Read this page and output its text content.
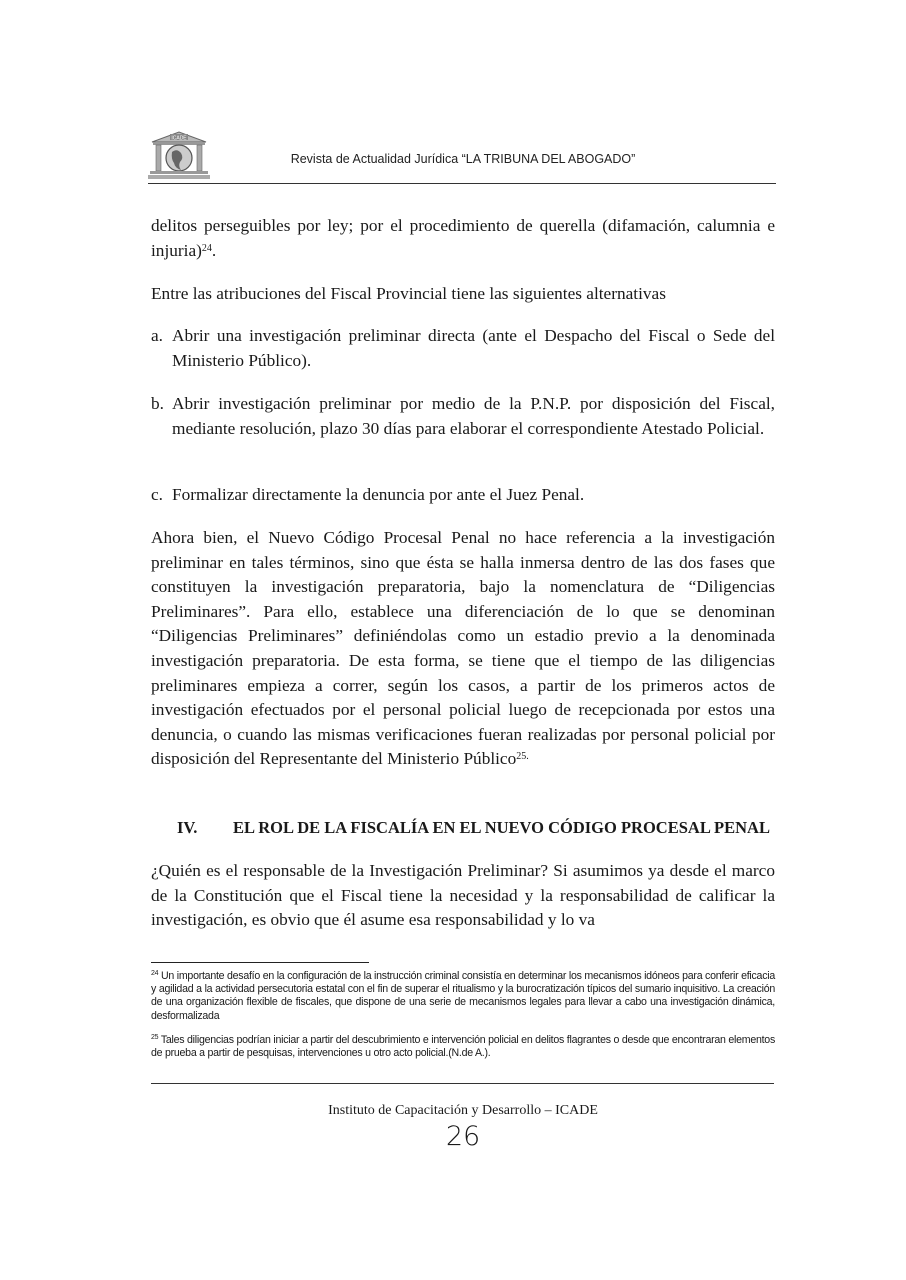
ICADE
Revista de Actualidad Jurídica “LA TRIBUNA DEL ABOGADO”
delitos perseguibles por ley; por el procedimiento de querella (difamación, calumnia e injuria)$^{24}$.
Entre las atribuciones del Fiscal Provincial tiene las siguientes alternativas
a. Abrir una investigación preliminar directa (ante el Despacho del Fiscal o Sede del Ministerio Público).
b. Abrir investigación preliminar por medio de la P.N.P. por disposición del Fiscal, mediante resolución, plazo 30 días para elaborar el correspondiente Atestado Policial.
c. Formalizar directamente la denuncia por ante el Juez Penal.
Ahora bien, el Nuevo Código Procesal Penal no hace referencia a la investigación preliminar en tales términos, sino que ésta se halla inmersa dentro de las dos fases que constituyen la investigación preparatoria, bajo la nomenclatura de “Diligencias Preliminares”. Para ello, establece una diferenciación de lo que se denominan “Diligencias Preliminares” definiéndolas como un estadio previo a la denominada investigación preparatoria. De esta forma, se tiene que el tiempo de las diligencias preliminares empieza a correr, según los casos, a partir de los primeros actos de investigación efectuados por el personal policial luego de recepcionada por estos una denuncia, o cuando las mismas verificaciones fueran realizadas por personal policial por disposición del Representante del Ministerio Público$^{25.}$
IV. EL ROL DE LA FISCALÍA EN EL NUEVO CÓDIGO PROCESAL PENAL
¿Quién es el responsable de la Investigación Preliminar? Si asumimos ya desde el marco de la Constitución que el Fiscal tiene la necesidad y la responsabilidad de calificar la investigación, es obvio que él asume esa responsabilidad y lo va
$^{24}$ Un importante desafío en la configuración de la instrucción criminal consistía en determinar los mecanismos idóneos para conferir eficacia y agilidad a la actividad persecutoria estatal con el fin de superar el ritualismo y la burocratización típicos del sumario inquisitivo. La creación de una organización flexible de fiscales, que dispone de una serie de mecanismos legales para llevar a cabo una investigación dinámica, desformalizada
$^{25}$ Tales diligencias podrían iniciar a partir del descubrimiento e intervención policial en delitos flagrantes o desde que encontraran elementos de prueba a partir de pesquisas, intervenciones u otro acto policial.(N.de A.).
Instituto de Capacitación y Desarrollo – ICADE
26
